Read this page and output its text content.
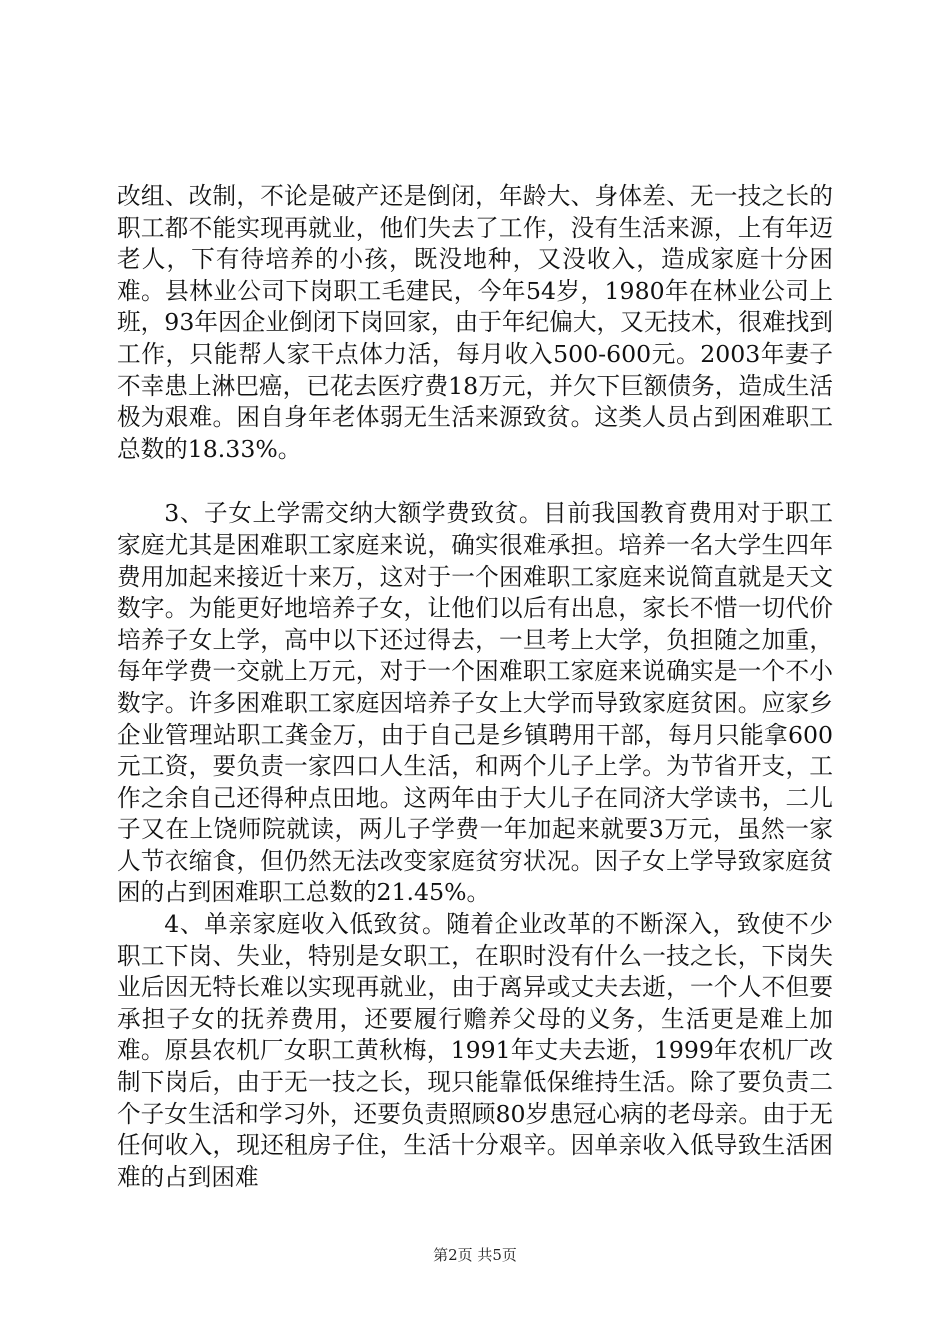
改组、改制，不论是破产还是倒闭，年龄大、身体差、无一技之长的职工都不能实现再就业，他们失去了工作，没有生活来源，上有年迈老人，下有待培养的小孩，既没地种，又没收入，造成家庭十分困难。县林业公司下岗职工毛建民，今年54岁，1980年在林业公司上班，93年因企业倒闭下岗回家，由于年纪偏大，又无技术，很难找到工作，只能帮人家干点体力活，每月收入500-600元。2003年妻子不幸患上淋巴癌，已花去医疗费18万元，并欠下巨额债务，造成生活极为艰难。困自身年老体弱无生活来源致贫。这类人员占到困难职工总数的18.33%。

3、子女上学需交纳大额学费致贫。目前我国教育费用对于职工家庭尤其是困难职工家庭来说，确实很难承担。培养一名大学生四年费用加起来接近十来万，这对于一个困难职工家庭来说简直就是天文数字。为能更好地培养子女，让他们以后有出息，家长不惜一切代价培养子女上学，高中以下还过得去，一旦考上大学，负担随之加重，每年学费一交就上万元，对于一个困难职工家庭来说确实是一个不小数字。许多困难职工家庭因培养子女上大学而导致家庭贫困。应家乡企业管理站职工龚金万，由于自己是乡镇聘用干部，每月只能拿600元工资，要负责一家四口人生活，和两个儿子上学。为节省开支，工作之余自己还得种点田地。这两年由于大儿子在同济大学读书，二儿子又在上饶师院就读，两儿子学费一年加起来就要3万元，虽然一家人节衣缩食，但仍然无法改变家庭贫穷状况。因子女上学导致家庭贫困的占到困难职工总数的21.45%。

4、单亲家庭收入低致贫。随着企业改革的不断深入，致使不少职工下岗、失业，特别是女职工，在职时没有什么一技之长，下岗失业后因无特长难以实现再就业，由于离异或丈夫去逝，一个人不但要承担子女的抚养费用，还要履行赡养父母的义务，生活更是难上加难。原县农机厂女职工黄秋梅，1991年丈夫去逝，1999年农机厂改制下岗后，由于无一技之长，现只能靠低保维持生活。除了要负责二个子女生活和学习外，还要负责照顾80岁患冠心病的老母亲。由于无任何收入，现还租房子住，生活十分艰辛。因单亲收入低导致生活困难的占到困难

第2页 共5页
